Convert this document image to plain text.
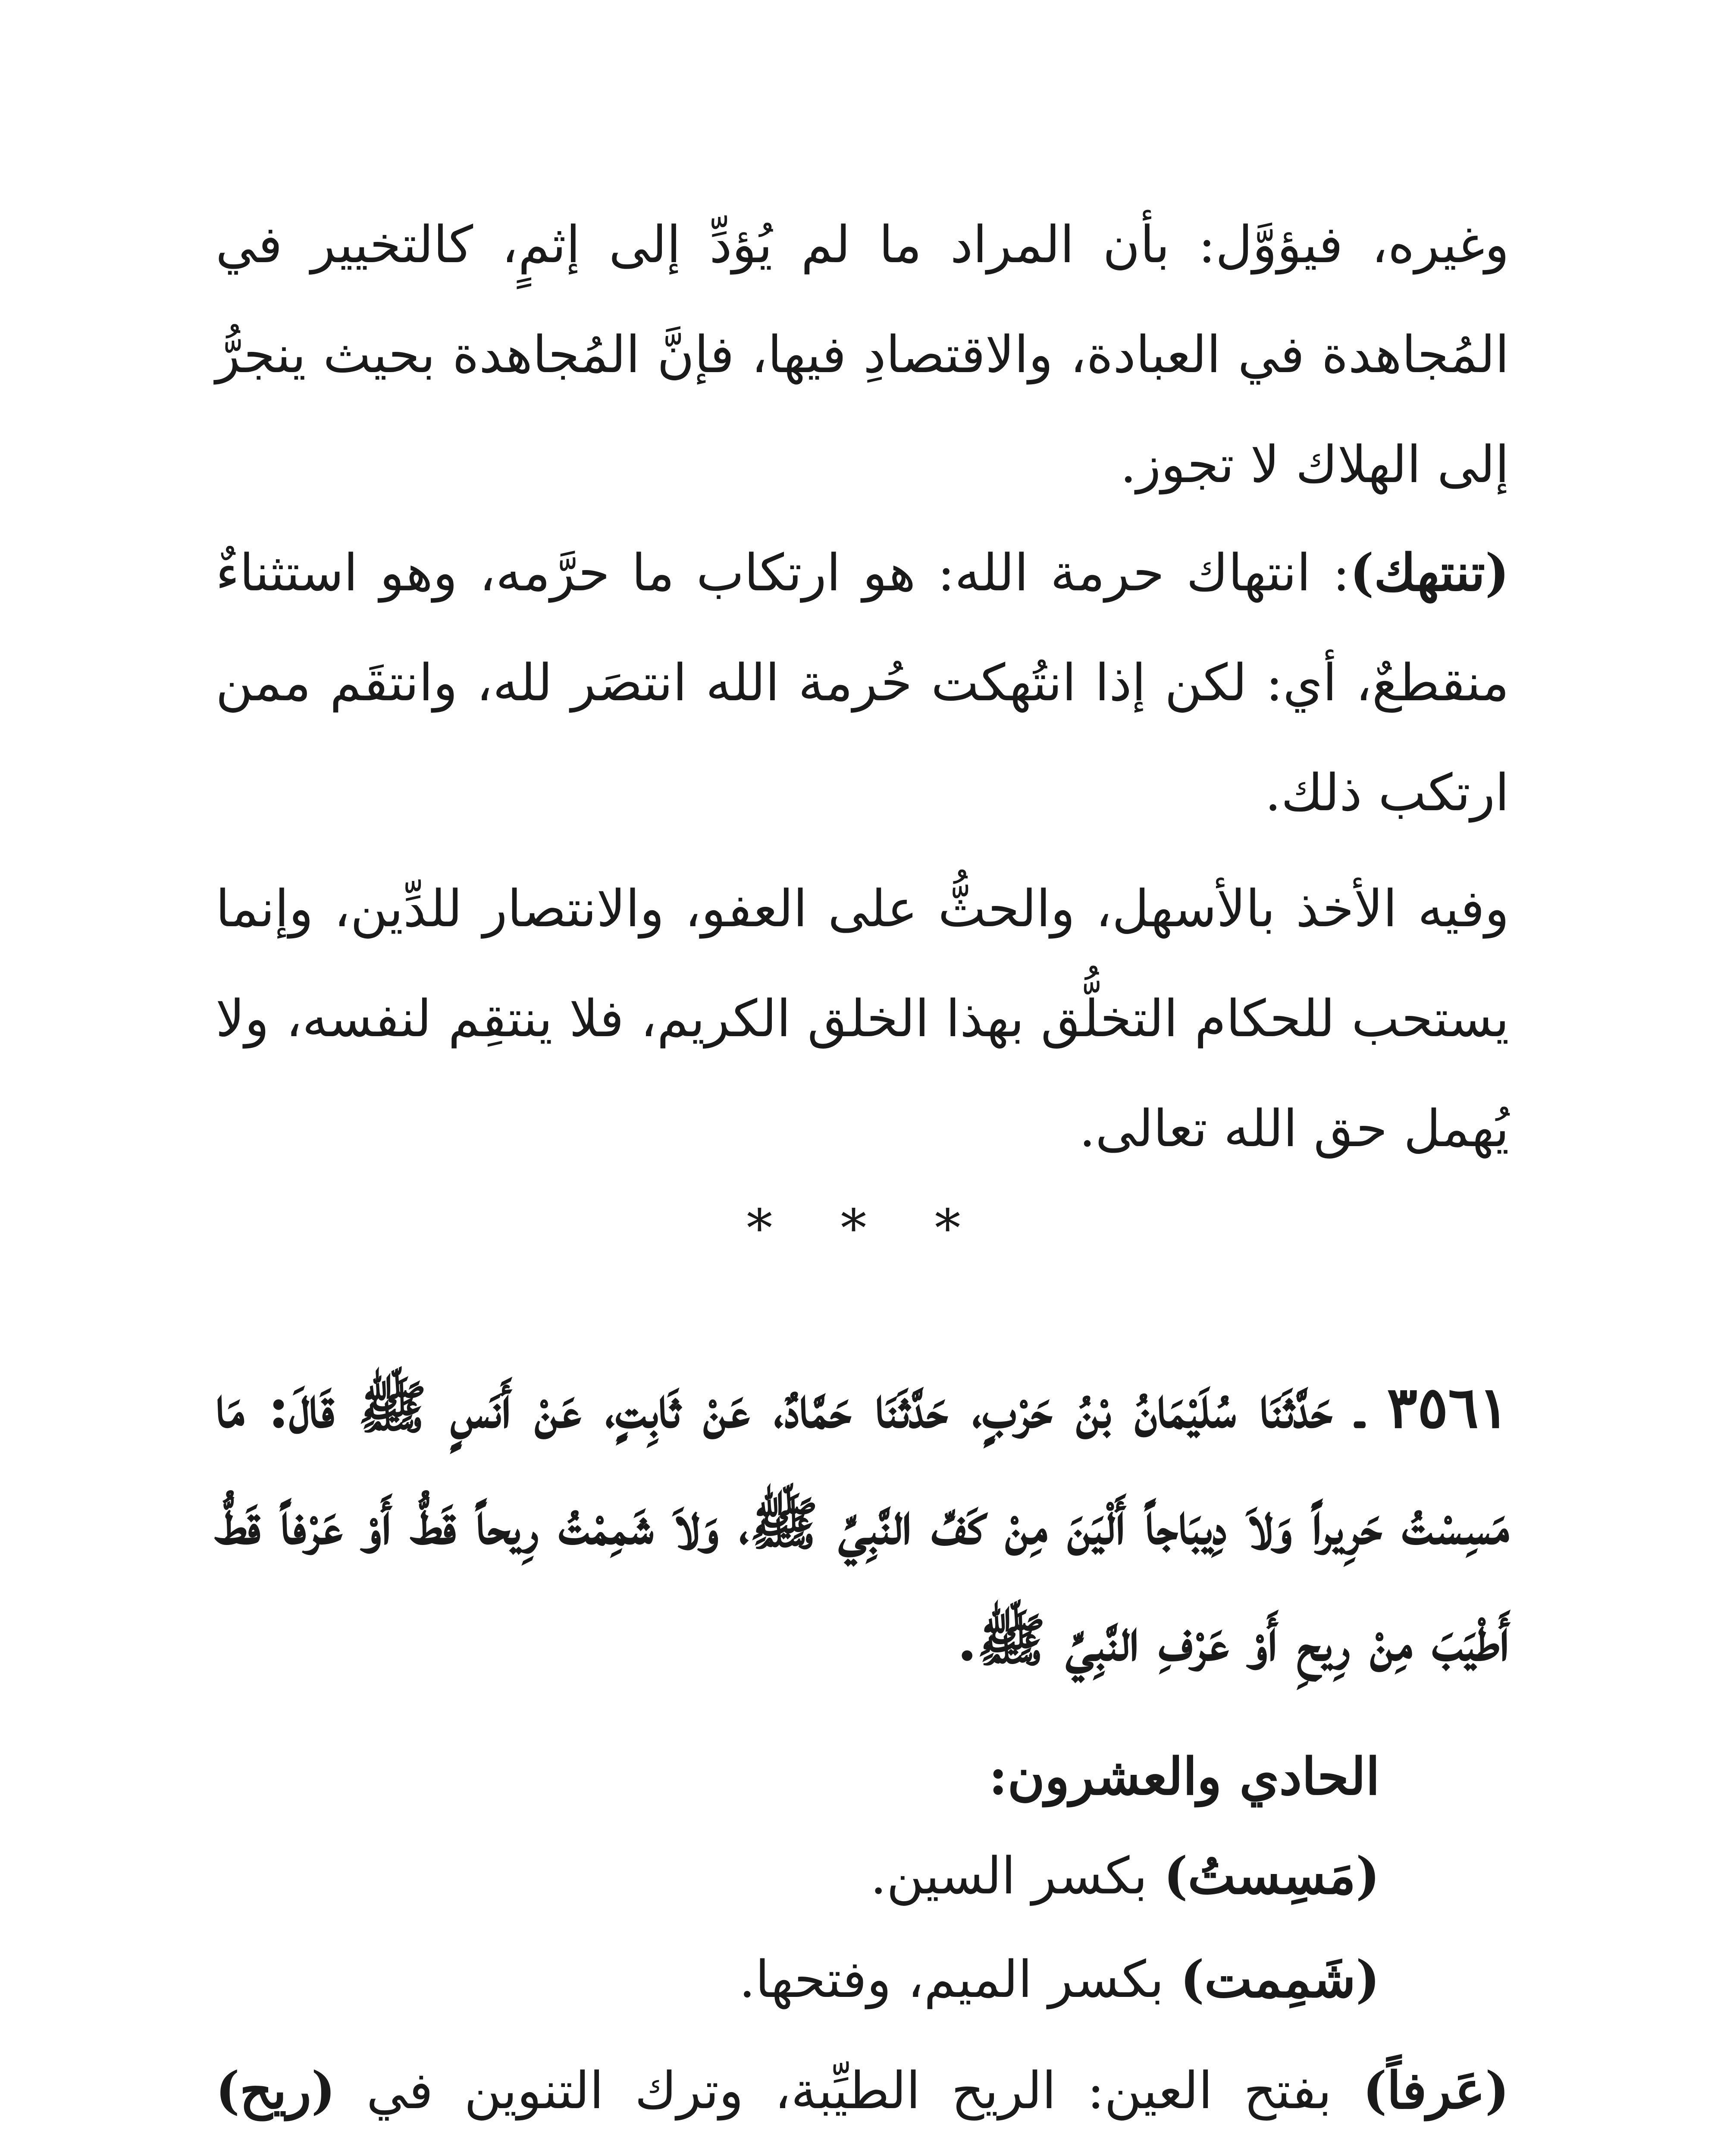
وغيره، فيؤوَّل: بأن المراد ما لم يُؤدِّ إلى إثمٍ، كالتخيير في المُجاهدة في العبادة، والاقتصادِ فيها، فإنَّ المُجاهدة بحيث ينجرُّ إلى الهلاك لا تجوز.

(تنتهك): انتهاك حرمة الله: هو ارتكاب ما حرَّمه، وهو استثناءٌ منقطعٌ، أي: لكن إذا انتُهكت حُرمة الله انتصَر لله، وانتقَم ممن ارتكب ذلك.

وفيه الأخذ بالأسهل، والحثُّ على العفو، والانتصار للدِّين، وإنما يستحب للحكام التخلُّق بهذا الخلق الكريم، فلا ينتقِم لنفسه، ولا يُهمل حق الله تعالى.

* * *

٣٥٦١ ـ حَدَّثَنَا سُلَيْمَانُ بْنُ حَرْبٍ، حَدَّثَنَا حَمَّادٌ، عَنْ ثَابِتٍ، عَنْ أَنَسٍ ﷺ قَالَ: مَا مَسِسْتُ حَرِيراً وَلاَ دِيبَاجاً أَلْيَنَ مِنْ كَفِّ النَّبِيِّ ﷺ، وَلاَ شَمِمْتُ رِيحاً قَطُّ أَوْ عَرْفاً قَطُّ أَطْيَبَ مِنْ رِيحِ أَوْ عَرْفِ النَّبِيِّ ﷺ.

الحادي والعشرون:

(مَسِستُ) بكسر السين.

(شَمِمت) بكسر الميم، وفتحها.

(عَرفاً) بفتح العين: الريح الطيِّبة، وترك التنوين في (ريح)
